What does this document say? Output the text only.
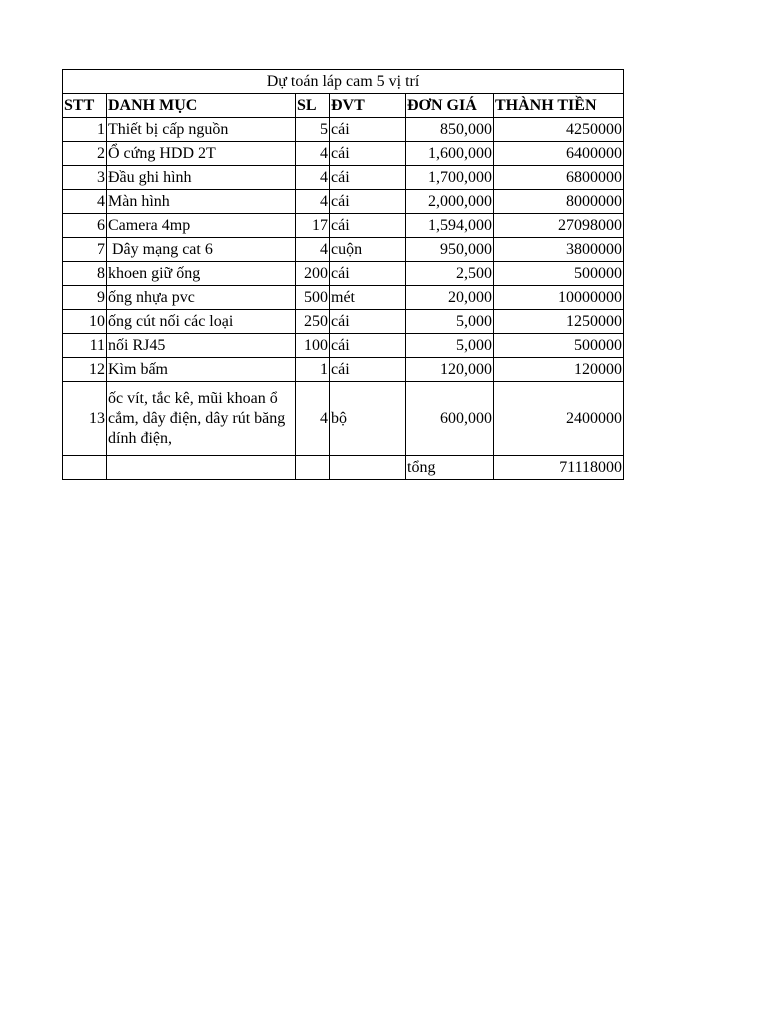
Dự toán láp cam 5 vị trí					
STT	DANH MỤC	SL	ĐVT	ĐƠN GIÁ	THÀNH TIỀN
1	Thiết bị cấp nguồn	5	cái	850,000	4250000
2	Ổ cứng HDD 2T	4	cái	1,600,000	6400000
3	Đầu ghi hình	4	cái	1,700,000	6800000
4	Màn hình	4	cái	2,000,000	8000000
6	Camera 4mp	17	cái	1,594,000	27098000
7	Dây mạng cat 6	4	cuộn	950,000	3800000
8	khoen giữ ống	200	cái	2,500	500000
9	ống nhựa pvc	500	mét	20,000	10000000
10	ống cút nối các loại	250	cái	5,000	1250000
11	nối RJ45	100	cái	5,000	500000
12	Kìm bấm	1	cái	120,000	120000
13	ốc vít, tắc kê, mũi khoan ổ cắm, dây điện, dây rút băng dính điện,	4	bộ	600,000	2400000
				tổng	71118000
